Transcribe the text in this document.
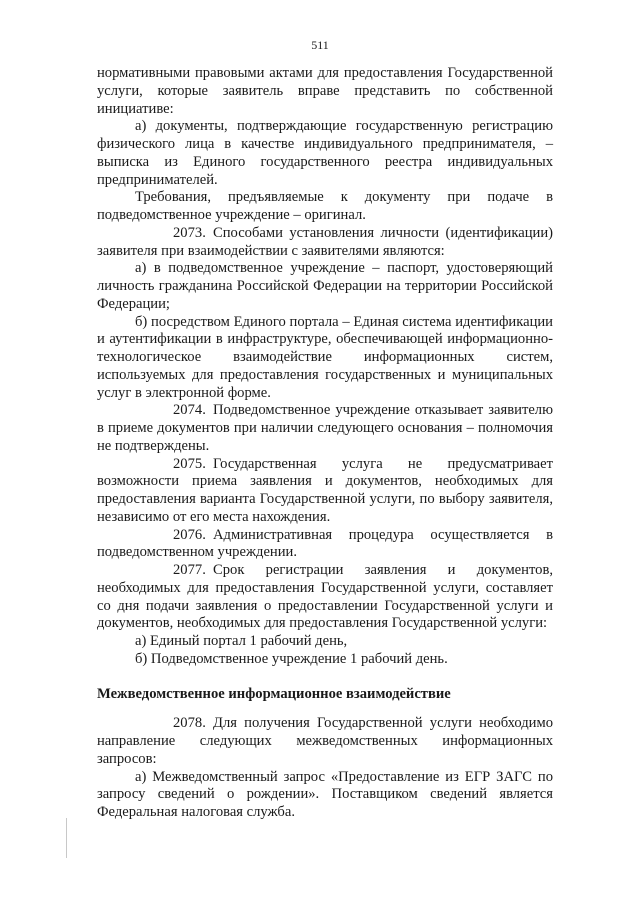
511

нормативными правовыми актами для предоставления Государственной услуги, которые заявитель вправе представить по собственной инициативе:

а) документы, подтверждающие государственную регистрацию физического лица в качестве индивидуального предпринимателя, – выписка из Единого государственного реестра индивидуальных предпринимателей.

Требования, предъявляемые к документу при подаче в подведомственное учреждение – оригинал.

2073. Способами установления личности (идентификации) заявителя при взаимодействии с заявителями являются:

а) в подведомственное учреждение – паспорт, удостоверяющий личность гражданина Российской Федерации на территории Российской Федерации;

б) посредством Единого портала – Единая система идентификации и аутентификации в инфраструктуре, обеспечивающей информационно-технологическое взаимодействие информационных систем, используемых для предоставления государственных и муниципальных услуг в электронной форме.

2074. Подведомственное учреждение отказывает заявителю в приеме документов при наличии следующего основания – полномочия не подтверждены.

2075. Государственная услуга не предусматривает возможности приема заявления и документов, необходимых для предоставления варианта Государственной услуги, по выбору заявителя, независимо от его места нахождения.

2076. Административная процедура осуществляется в подведомственном учреждении.

2077. Срок регистрации заявления и документов, необходимых для предоставления Государственной услуги, составляет со дня подачи заявления о предоставлении Государственной услуги и документов, необходимых для предоставления Государственной услуги:

а) Единый портал 1 рабочий день,

б) Подведомственное учреждение 1 рабочий день.

Межведомственное информационное взаимодействие

2078. Для получения Государственной услуги необходимо направление следующих межведомственных информационных запросов:

а) Межведомственный запрос «Предоставление из ЕГР ЗАГС по запросу сведений о рождении». Поставщиком сведений является Федеральная налоговая служба.
